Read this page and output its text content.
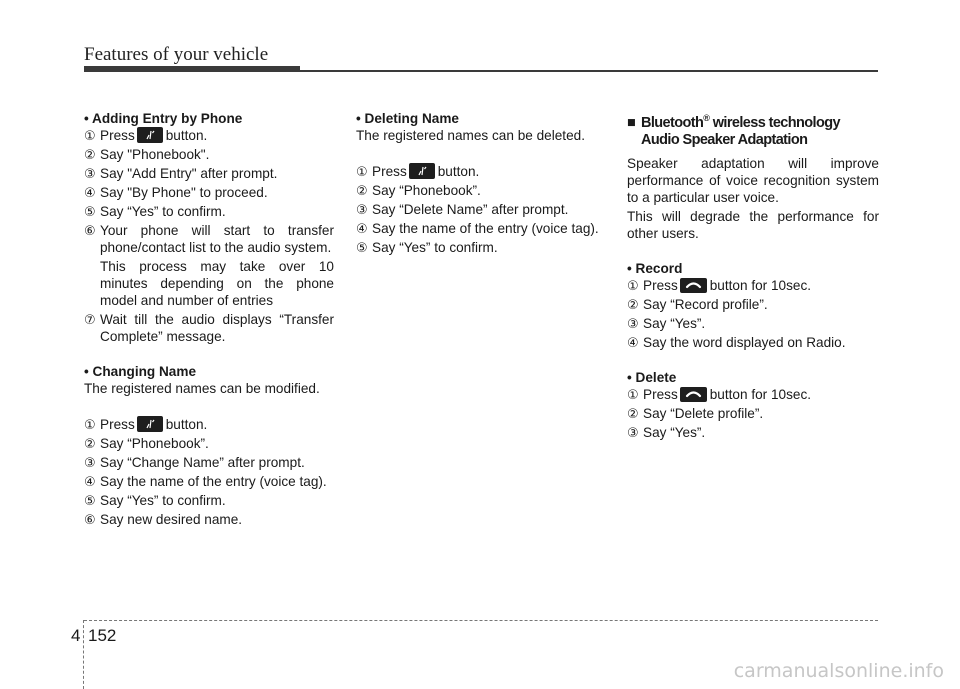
Features of your vehicle

• Adding Entry by Phone

①Press button.

②Say "Phonebook".

③Say "Add Entry" after prompt.

④Say "By Phone" to proceed.

⑤Say “Yes” to confirm.

⑥Your phone will start to transfer phone/contact list to the audio system.

This process may take over 10 minutes depending on the phone model and number of entries

⑦Wait till the audio displays “Transfer Complete” message.

• Changing Name

The registered names can be modified.

①Press button.

②Say “Phonebook”.

③Say “Change Name” after prompt.

④Say the name of the entry (voice tag).

⑤Say “Yes” to confirm.

⑥Say new desired name.

• Deleting Name

The registered names can be deleted.

①Press button.

②Say “Phonebook”.

③Say “Delete Name” after prompt.

④Say the name of the entry (voice tag).

⑤Say “Yes” to confirm.

■ Bluetooth® wireless technology Audio Speaker Adaptation

Speaker adaptation will improve performance of voice recognition system to a particular user voice.

This will degrade the performance for other users.

• Record

①Press button for 10sec.

②Say “Record profile”.

③Say “Yes”.

④Say the word displayed on Radio.

• Delete

①Press button for 10sec.

②Say “Delete profile”.

③Say “Yes”.

4 152
carmanualsonline.info
